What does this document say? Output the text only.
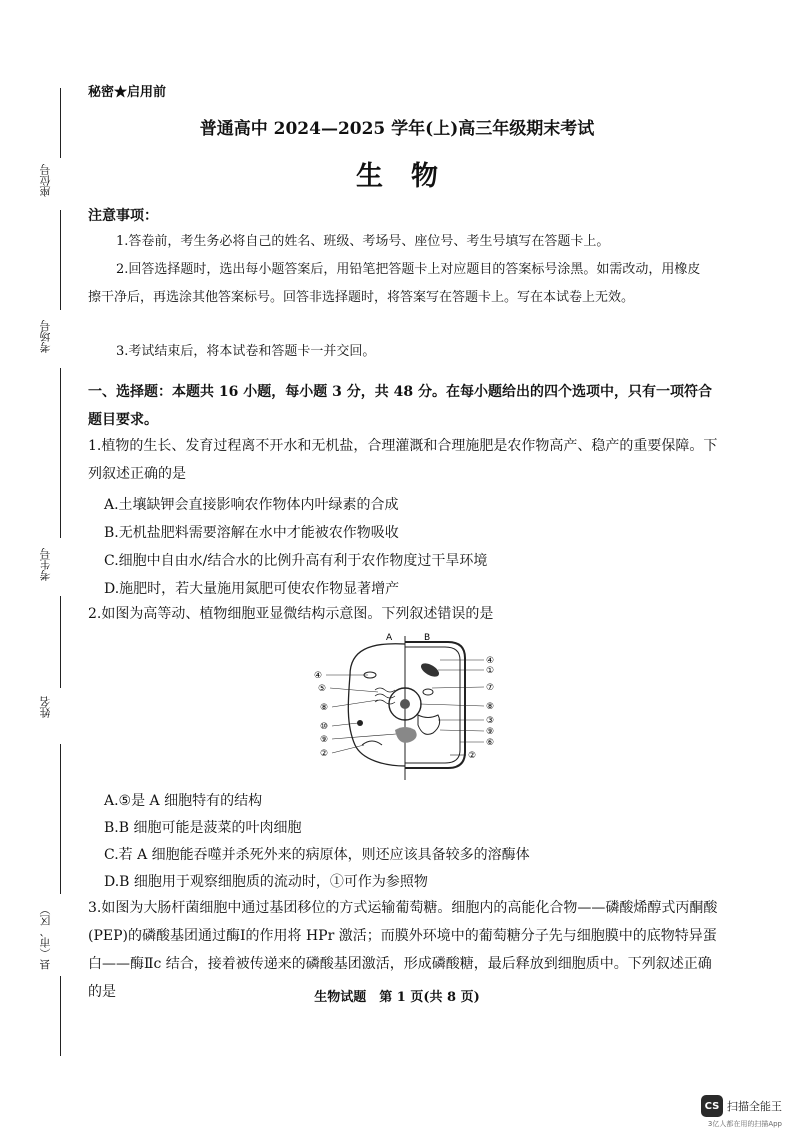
座位号
考场号
考生号
姓名
县（市、区）
秘密★启用前
普通高中 2024—2025 学年(上)高三年级期末考试
生物
注意事项：
1.答卷前，考生务必将自己的姓名、班级、考场号、座位号、考生号填写在答题卡上。
2.回答选择题时，选出每小题答案后，用铅笔把答题卡上对应题目的答案标号涂黑。如需改动，用橡皮擦干净后，再选涂其他答案标号。回答非选择题时，将答案写在答题卡上。写在本试卷上无效。
3.考试结束后，将本试卷和答题卡一并交回。
一、选择题：本题共 16 小题，每小题 3 分，共 48 分。在每小题给出的四个选项中，只有一项符合题目要求。
1.植物的生长、发育过程离不开水和无机盐，合理灌溉和合理施肥是农作物高产、稳产的重要保障。下列叙述正确的是
A.土壤缺钾会直接影响农作物体内叶绿素的合成
B.无机盐肥料需要溶解在水中才能被农作物吸收
C.细胞中自由水/结合水的比例升高有利于农作物度过干旱环境
D.施肥时，若大量施用氮肥可使农作物显著增产
2.如图为高等动、植物细胞亚显微结构示意图。下列叙述错误的是
A	B
④
⑤
⑧
⑩
⑨
②
④
①
⑦
⑧
③
⑨
⑥
②
A.⑤是 A 细胞特有的结构
B.B 细胞可能是菠菜的叶肉细胞
C.若 A 细胞能吞噬并杀死外来的病原体，则还应该具备较多的溶酶体
D.B 细胞用于观察细胞质的流动时，①可作为参照物
3.如图为大肠杆菌细胞中通过基团移位的方式运输葡萄糖。细胞内的高能化合物——磷酸烯醇式丙酮酸(PEP)的磷酸基团通过酶Ⅰ的作用将 HPr 激活；而膜外环境中的葡萄糖分子先与细胞膜中的底物特异蛋白——酶Ⅱc 结合，接着被传递来的磷酸基团激活，形成磷酸糖，最后释放到细胞质中。下列叙述正确的是	生物试题　第 1 页(共 8 页)
CS 扫描全能王
3亿人都在用的扫描App
